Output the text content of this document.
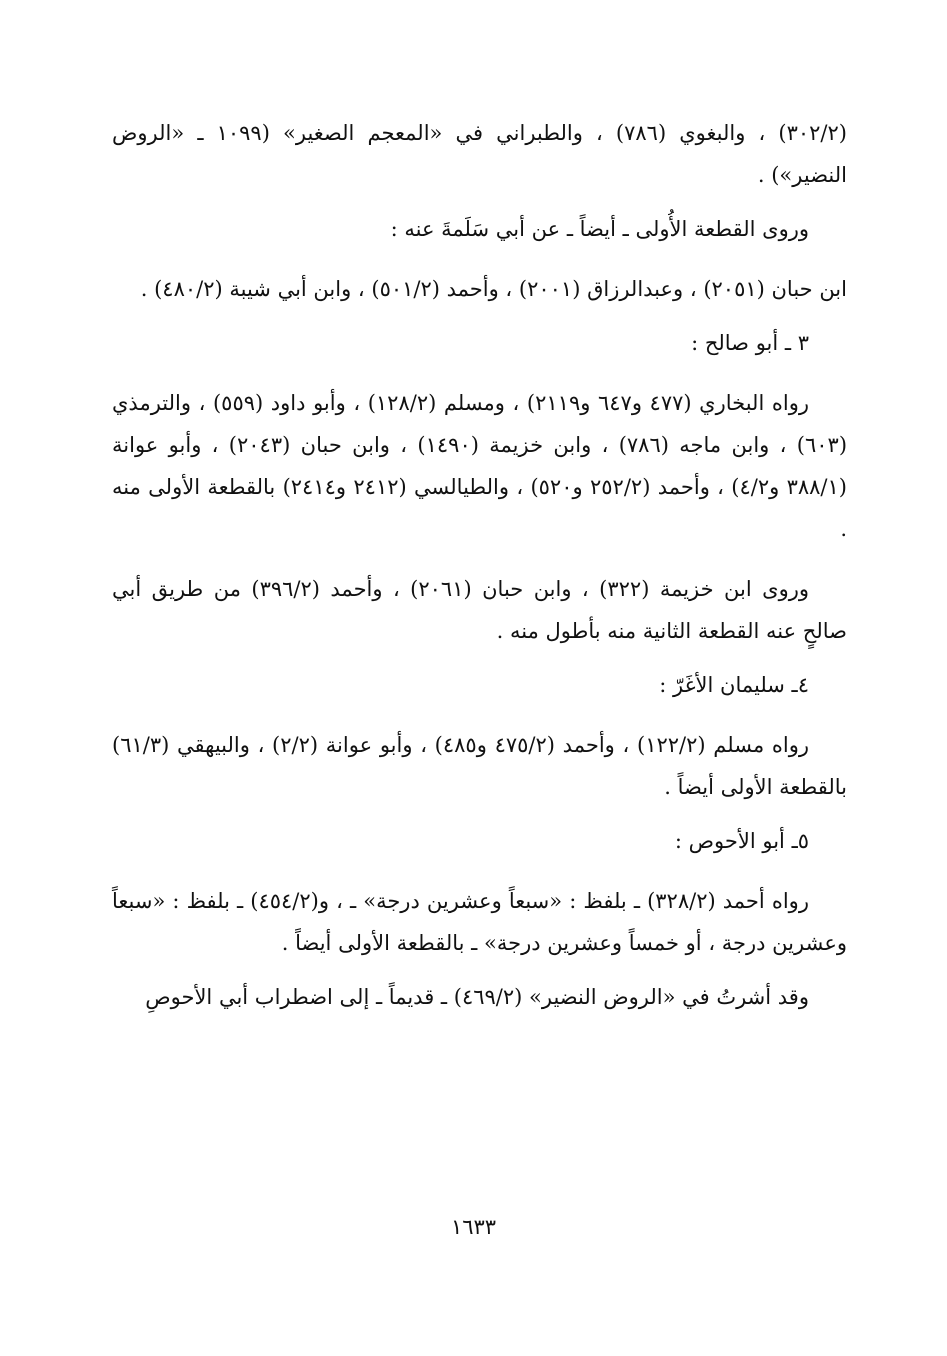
(٣٠٢/٢) ، والبغوي (٧٨٦) ، والطبراني في «المعجم الصغير» (١٠٩٩ ـ «الروض النضير») .

وروى القطعة الأُولى ـ أيضاً ـ عن أبي سَلَمةَ عنه :

ابن حبان (٢٠٥١) ، وعبدالرزاق (٢٠٠١) ، وأحمد (٥٠١/٢) ، وابن أبي شيبة (٤٨٠/٢) .

٣ ـ أبو صالح :

رواه البخاري (٤٧٧ و٦٤٧ و٢١١٩) ، ومسلم (١٢٨/٢) ، وأبو داود (٥٥٩) ، والترمذي (٦٠٣) ، وابن ماجه (٧٨٦) ، وابن خزيمة (١٤٩٠) ، وابن حبان (٢٠٤٣) ، وأبو عوانة (٣٨٨/١ و٤/٢) ، وأحمد (٢٥٢/٢ و٥٢٠) ، والطيالسي (٢٤١٢ و٢٤١٤) بالقطعة الأولى منه .

وروى ابن خزيمة (٣٢٢) ، وابن حبان (٢٠٦١) ، وأحمد (٣٩٦/٢) من طريق أبي صالحٍ عنه القطعة الثانية منه بأطول منه .

٤ـ سليمان الأغَرّ :

رواه مسلم (١٢٢/٢) ، وأحمد (٤٧٥/٢ و٤٨٥) ، وأبو عوانة (٢/٢) ، والبيهقي (٦١/٣) بالقطعة الأولى أيضاً .

٥ـ أبو الأحوص :

رواه أحمد (٣٢٨/٢) ـ بلفظ : «سبعاً وعشرين درجة» ـ ، و(٤٥٤/٢) ـ بلفظ : «سبعاً وعشرين درجة ، أو خمساً وعشرين درجة» ـ بالقطعة الأولى أيضاً .

وقد أشرتُ في «الروض النضير» (٤٦٩/٢) ـ قديماً ـ إلى اضطراب أبي الأحوصِ

١٦٣٣
